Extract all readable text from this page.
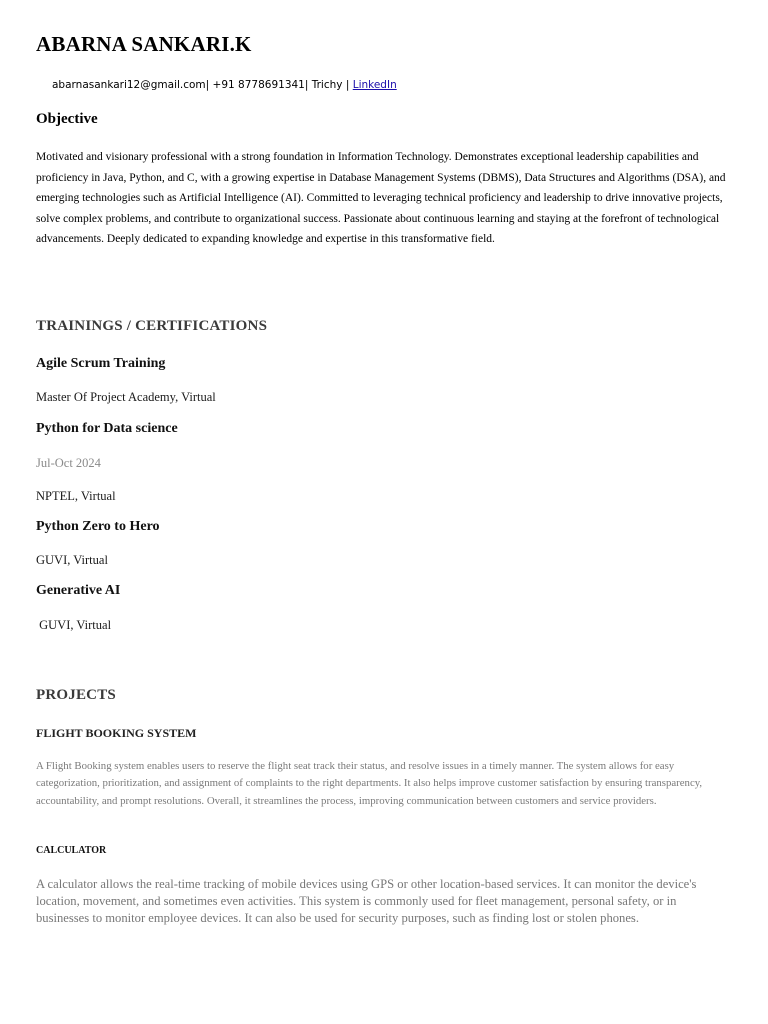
ABARNA SANKARI.K
abarnasankari12@gmail.com| +91 8778691341| Trichy | LinkedIn
Objective

Motivated and visionary professional with a strong foundation in Information Technology. Demonstrates exceptional leadership capabilities and proficiency in Java, Python, and C, with a growing expertise in Database Management Systems (DBMS), Data Structures and Algorithms (DSA), and emerging technologies such as Artificial Intelligence (AI). Committed to leveraging technical proficiency and leadership to drive innovative projects, solve complex problems, and contribute to organizational success. Passionate about continuous learning and staying at the forefront of technological advancements. Deeply dedicated to expanding knowledge and expertise in this transformative field.

TRAININGS / CERTIFICATIONS
Agile Scrum Training
Master Of Project Academy, Virtual
Python for Data science
Jul-Oct 2024
NPTEL, Virtual
Python Zero to Hero
GUVI, Virtual
Generative AI
GUVI, Virtual
PROJECTS
FLIGHT BOOKING SYSTEM

A Flight Booking system enables users to reserve the flight seat track their status, and resolve issues in a timely manner. The system allows for easy categorization, prioritization, and assignment of complaints to the right departments. It also helps improve customer satisfaction by ensuring transparency, accountability, and prompt resolutions. Overall, it streamlines the process, improving communication between customers and service providers.

CALCULATOR

A calculator allows the real-time tracking of mobile devices using GPS or other location-based services. It can monitor the device's location, movement, and sometimes even activities. This system is commonly used for fleet management, personal safety, or in businesses to monitor employee devices. It can also be used for security purposes, such as finding lost or stolen phones.
